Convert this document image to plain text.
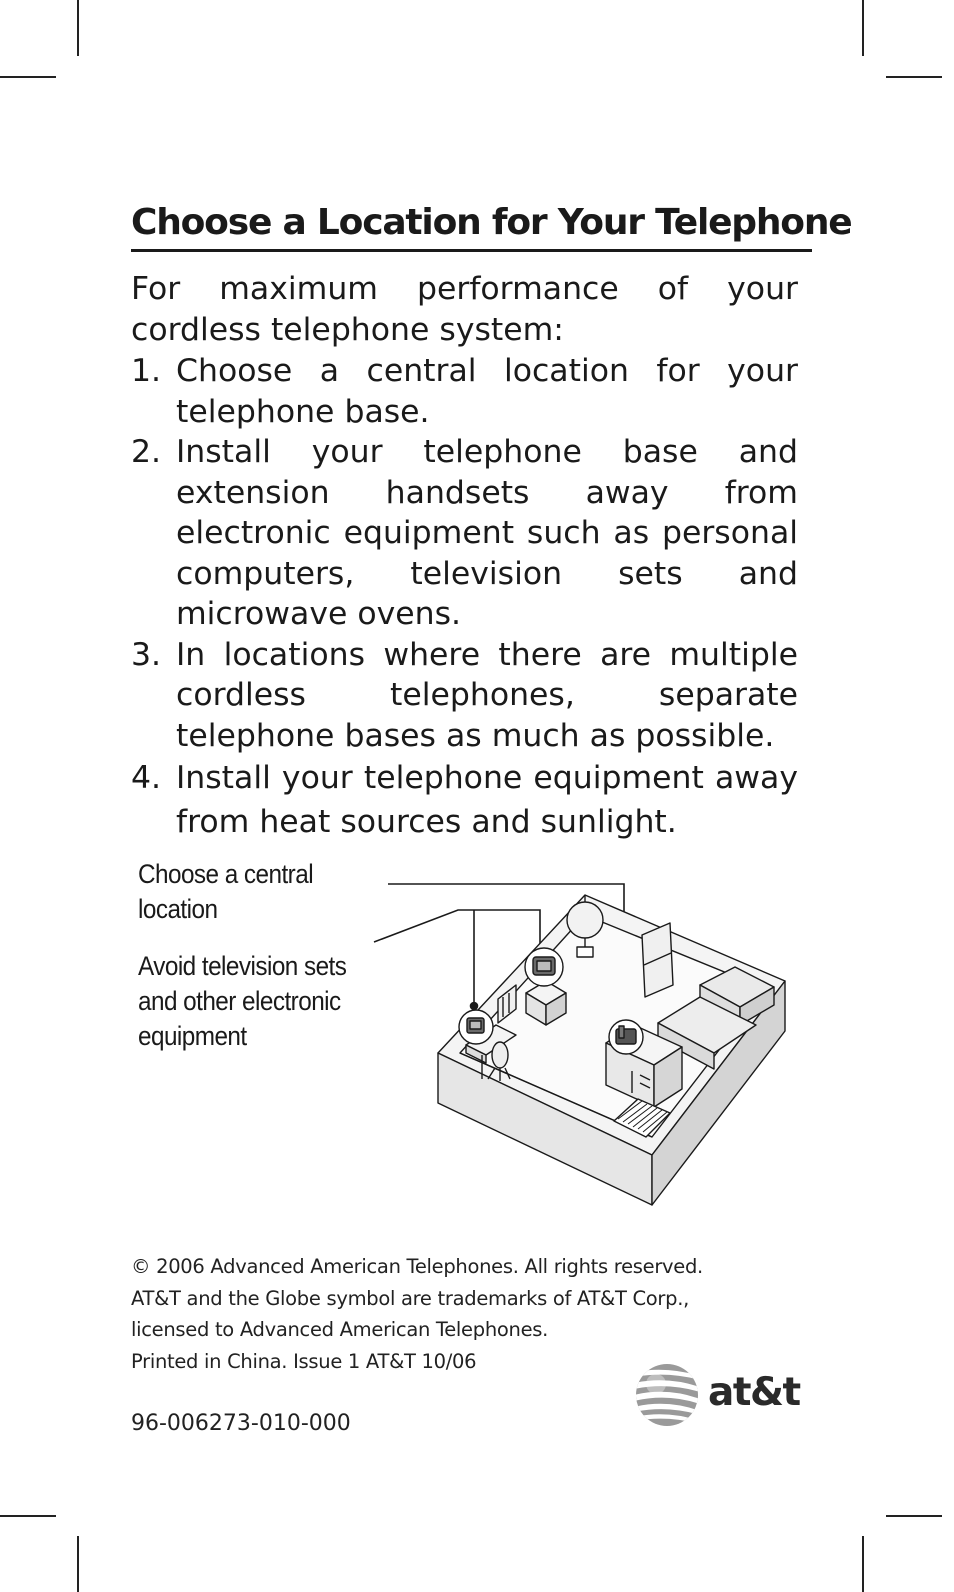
Choose a Location for Your Telephone

For maximum performance of your cordless telephone system:

1. Choose a central location for your telephone base.
2. Install your telephone base and extension handsets away from electronic equipment such as personal computers, television sets and microwave ovens.
3. In locations where there are multiple cordless telephones, separate telephone bases as much as possible.
4. Install your telephone equipment away from heat sources and sunlight.
Choose a central
location
Avoid television sets
and other electronic
equipment
© 2006 Advanced American Telephones. All rights reserved.
AT&T and the Globe symbol are trademarks of AT&T Corp.,
licensed to Advanced American Telephones.
Printed in China. Issue 1 AT&T 10/06
96-006273-010-000
at&t
